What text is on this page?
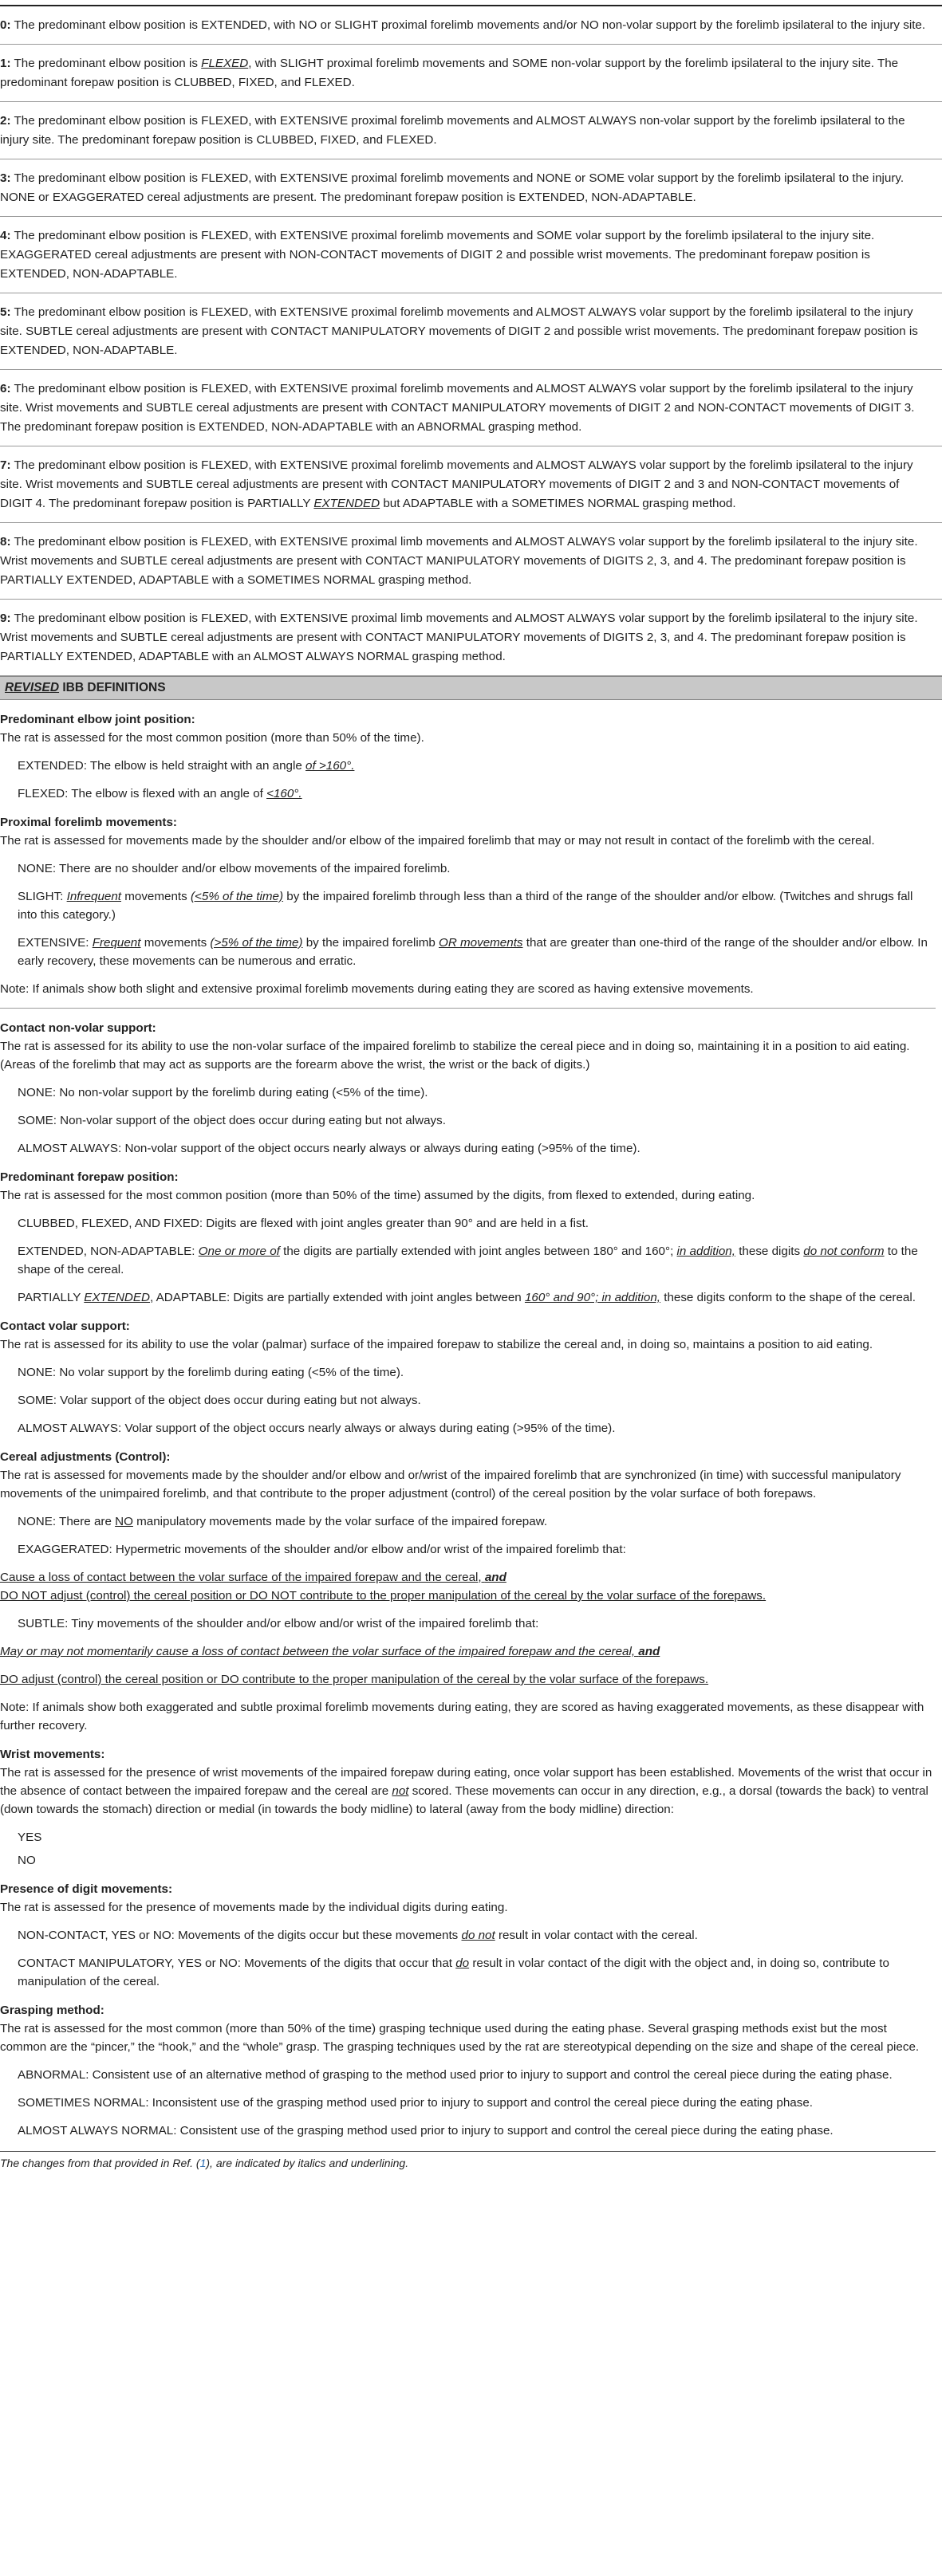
0: The predominant elbow position is EXTENDED, with NO or SLIGHT proximal forelimb movements and/or NO non-volar support by the forelimb ipsilateral to the injury site.
1: The predominant elbow position is FLEXED, with SLIGHT proximal forelimb movements and SOME non-volar support by the forelimb ipsilateral to the injury site. The predominant forepaw position is CLUBBED, FIXED, and FLEXED.
2: The predominant elbow position is FLEXED, with EXTENSIVE proximal forelimb movements and ALMOST ALWAYS non-volar support by the forelimb ipsilateral to the injury site. The predominant forepaw position is CLUBBED, FIXED, and FLEXED.
3: The predominant elbow position is FLEXED, with EXTENSIVE proximal forelimb movements and NONE or SOME volar support by the forelimb ipsilateral to the injury. NONE or EXAGGERATED cereal adjustments are present. The predominant forepaw position is EXTENDED, NON-ADAPTABLE.
4: The predominant elbow position is FLEXED, with EXTENSIVE proximal forelimb movements and SOME volar support by the forelimb ipsilateral to the injury site. EXAGGERATED cereal adjustments are present with NON-CONTACT movements of DIGIT 2 and possible wrist movements. The predominant forepaw position is EXTENDED, NON-ADAPTABLE.
5: The predominant elbow position is FLEXED, with EXTENSIVE proximal forelimb movements and ALMOST ALWAYS volar support by the forelimb ipsilateral to the injury site. SUBTLE cereal adjustments are present with CONTACT MANIPULATORY movements of DIGIT 2 and possible wrist movements. The predominant forepaw position is EXTENDED, NON-ADAPTABLE.
6: The predominant elbow position is FLEXED, with EXTENSIVE proximal forelimb movements and ALMOST ALWAYS volar support by the forelimb ipsilateral to the injury site. Wrist movements and SUBTLE cereal adjustments are present with CONTACT MANIPULATORY movements of DIGIT 2 and NON-CONTACT movements of DIGIT 3. The predominant forepaw position is EXTENDED, NON-ADAPTABLE with an ABNORMAL grasping method.
7: The predominant elbow position is FLEXED, with EXTENSIVE proximal forelimb movements and ALMOST ALWAYS volar support by the forelimb ipsilateral to the injury site. Wrist movements and SUBTLE cereal adjustments are present with CONTACT MANIPULATORY movements of DIGIT 2 and 3 and NON-CONTACT movements of DIGIT 4. The predominant forepaw position is PARTIALLY EXTENDED but ADAPTABLE with a SOMETIMES NORMAL grasping method.
8: The predominant elbow position is FLEXED, with EXTENSIVE proximal limb movements and ALMOST ALWAYS volar support by the forelimb ipsilateral to the injury site. Wrist movements and SUBTLE cereal adjustments are present with CONTACT MANIPULATORY movements of DIGITS 2, 3, and 4. The predominant forepaw position is PARTIALLY EXTENDED, ADAPTABLE with a SOMETIMES NORMAL grasping method.
9: The predominant elbow position is FLEXED, with EXTENSIVE proximal limb movements and ALMOST ALWAYS volar support by the forelimb ipsilateral to the injury site. Wrist movements and SUBTLE cereal adjustments are present with CONTACT MANIPULATORY movements of DIGITS 2, 3, and 4. The predominant forepaw position is PARTIALLY EXTENDED, ADAPTABLE with an ALMOST ALWAYS NORMAL grasping method.
REVISED IBB DEFINITIONS
Predominant elbow joint position:
The rat is assessed for the most common position (more than 50% of the time).
EXTENDED: The elbow is held straight with an angle of >160°.
FLEXED: The elbow is flexed with an angle of <160°.
Proximal forelimb movements:
The rat is assessed for movements made by the shoulder and/or elbow of the impaired forelimb that may or may not result in contact of the forelimb with the cereal.
NONE: There are no shoulder and/or elbow movements of the impaired forelimb.
SLIGHT: Infrequent movements (<5% of the time) by the impaired forelimb through less than a third of the range of the shoulder and/or elbow. (Twitches and shrugs fall into this category.)
EXTENSIVE: Frequent movements (>5% of the time) by the impaired forelimb OR movements that are greater than one-third of the range of the shoulder and/or elbow. In early recovery, these movements can be numerous and erratic.
Note: If animals show both slight and extensive proximal forelimb movements during eating they are scored as having extensive movements.
Contact non-volar support:
The rat is assessed for its ability to use the non-volar surface of the impaired forelimb to stabilize the cereal piece and in doing so, maintaining it in a position to aid eating. (Areas of the forelimb that may act as supports are the forearm above the wrist, the wrist or the back of digits.)
NONE: No non-volar support by the forelimb during eating (<5% of the time).
SOME: Non-volar support of the object does occur during eating but not always.
ALMOST ALWAYS: Non-volar support of the object occurs nearly always or always during eating (>95% of the time).
Predominant forepaw position:
The rat is assessed for the most common position (more than 50% of the time) assumed by the digits, from flexed to extended, during eating.
CLUBBED, FLEXED, AND FIXED: Digits are flexed with joint angles greater than 90° and are held in a fist.
EXTENDED, NON-ADAPTABLE: One or more of the digits are partially extended with joint angles between 180° and 160°; in addition, these digits do not conform to the shape of the cereal.
PARTIALLY EXTENDED, ADAPTABLE: Digits are partially extended with joint angles between 160° and 90°; in addition, these digits conform to the shape of the cereal.
Contact volar support:
The rat is assessed for its ability to use the volar (palmar) surface of the impaired forepaw to stabilize the cereal and, in doing so, maintains a position to aid eating.
NONE: No volar support by the forelimb during eating (<5% of the time).
SOME: Volar support of the object does occur during eating but not always.
ALMOST ALWAYS: Volar support of the object occurs nearly always or always during eating (>95% of the time).
Cereal adjustments (Control):
The rat is assessed for movements made by the shoulder and/or elbow and or/wrist of the impaired forelimb that are synchronized (in time) with successful manipulatory movements of the unimpaired forelimb, and that contribute to the proper adjustment (control) of the cereal position by the volar surface of both forepaws.
NONE: There are NO manipulatory movements made by the volar surface of the impaired forepaw.
EXAGGERATED: Hypermetric movements of the shoulder and/or elbow and/or wrist of the impaired forelimb that:
Cause a loss of contact between the volar surface of the impaired forepaw and the cereal, and
DO NOT adjust (control) the cereal position or DO NOT contribute to the proper manipulation of the cereal by the volar surface of the forepaws.
SUBTLE: Tiny movements of the shoulder and/or elbow and/or wrist of the impaired forelimb that:
May or may not momentarily cause a loss of contact between the volar surface of the impaired forepaw and the cereal, and
DO adjust (control) the cereal position or DO contribute to the proper manipulation of the cereal by the volar surface of the forepaws.
Note: If animals show both exaggerated and subtle proximal forelimb movements during eating, they are scored as having exaggerated movements, as these disappear with further recovery.
Wrist movements:
The rat is assessed for the presence of wrist movements of the impaired forepaw during eating, once volar support has been established. Movements of the wrist that occur in the absence of contact between the impaired forepaw and the cereal are not scored. These movements can occur in any direction, e.g., a dorsal (towards the back) to ventral (down towards the stomach) direction or medial (in towards the body midline) to lateral (away from the body midline) direction:
YES
NO
Presence of digit movements:
The rat is assessed for the presence of movements made by the individual digits during eating.
NON-CONTACT, YES or NO: Movements of the digits occur but these movements do not result in volar contact with the cereal.
CONTACT MANIPULATORY, YES or NO: Movements of the digits that occur that do result in volar contact of the digit with the object and, in doing so, contribute to manipulation of the cereal.
Grasping method:
The rat is assessed for the most common (more than 50% of the time) grasping technique used during the eating phase. Several grasping methods exist but the most common are the “pincer,” the “hook,” and the “whole” grasp. The grasping techniques used by the rat are stereotypical depending on the size and shape of the cereal piece.
ABNORMAL: Consistent use of an alternative method of grasping to the method used prior to injury to support and control the cereal piece during the eating phase.
SOMETIMES NORMAL: Inconsistent use of the grasping method used prior to injury to support and control the cereal piece during the eating phase.
ALMOST ALWAYS NORMAL: Consistent use of the grasping method used prior to injury to support and control the cereal piece during the eating phase.
The changes from that provided in Ref. (1), are indicated by italics and underlining.
